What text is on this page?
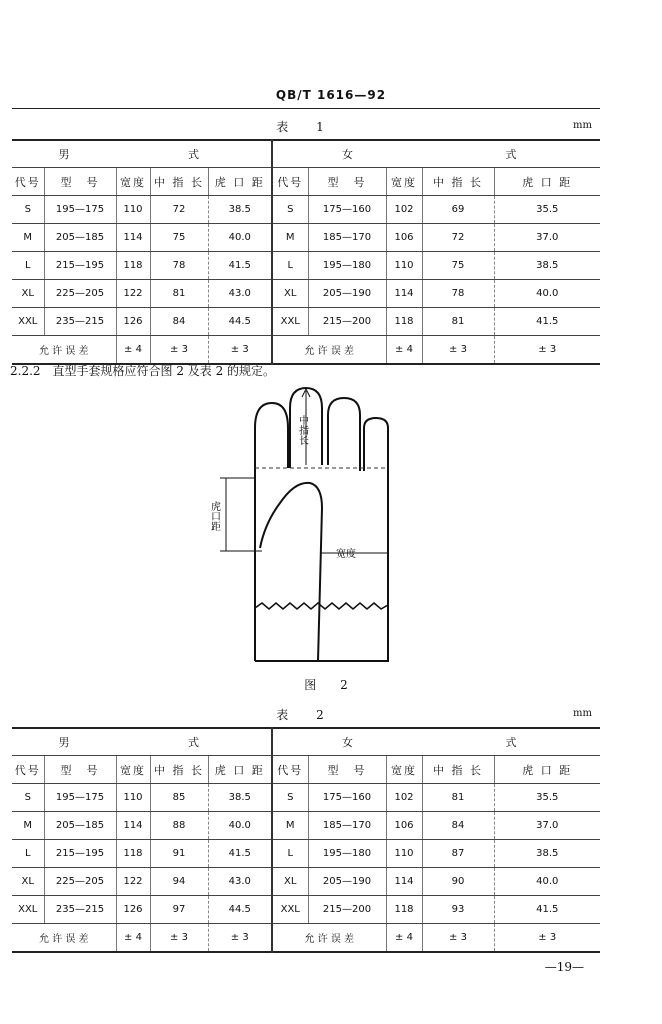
QB/T 1616—92
表 1	mm
男		式			女			式	
代号	型　号	宽度	中 指 长	虎 口 距	代号	型　号	宽度	中 指 长	虎 口 距
S	195—175	110	72	38.5	S	175—160	102	69	35.5
M	205—185	114	75	40.0	M	185—170	106	72	37.0
L	215—195	118	78	41.5	L	195—180	110	75	38.5
XL	225—205	122	81	43.0	XL	205—190	114	78	40.0
XXL	235—215	126	84	44.5	XXL	215—200	118	81	41.5
允 许 误 差		± 4	± 3	± 3	允 许 误 差		± 4	± 3	± 3
2.2.2　直型手套规格应符合图 2 及表 2 的规定。
中指长
虎口距
宽度
图 2
表 2	mm
男		式			女			式	
代号	型　号	宽度	中 指 长	虎 口 距	代号	型　号	宽度	中 指 长	虎 口 距
S	195—175	110	85	38.5	S	175—160	102	81	35.5
M	205—185	114	88	40.0	M	185—170	106	84	37.0
L	215—195	118	91	41.5	L	195—180	110	87	38.5
XL	225—205	122	94	43.0	XL	205—190	114	90	40.0
XXL	235—215	126	97	44.5	XXL	215—200	118	93	41.5
允 许 误 差		± 4	± 3	± 3	允 许 误 差		± 4	± 3	± 3
—19—
